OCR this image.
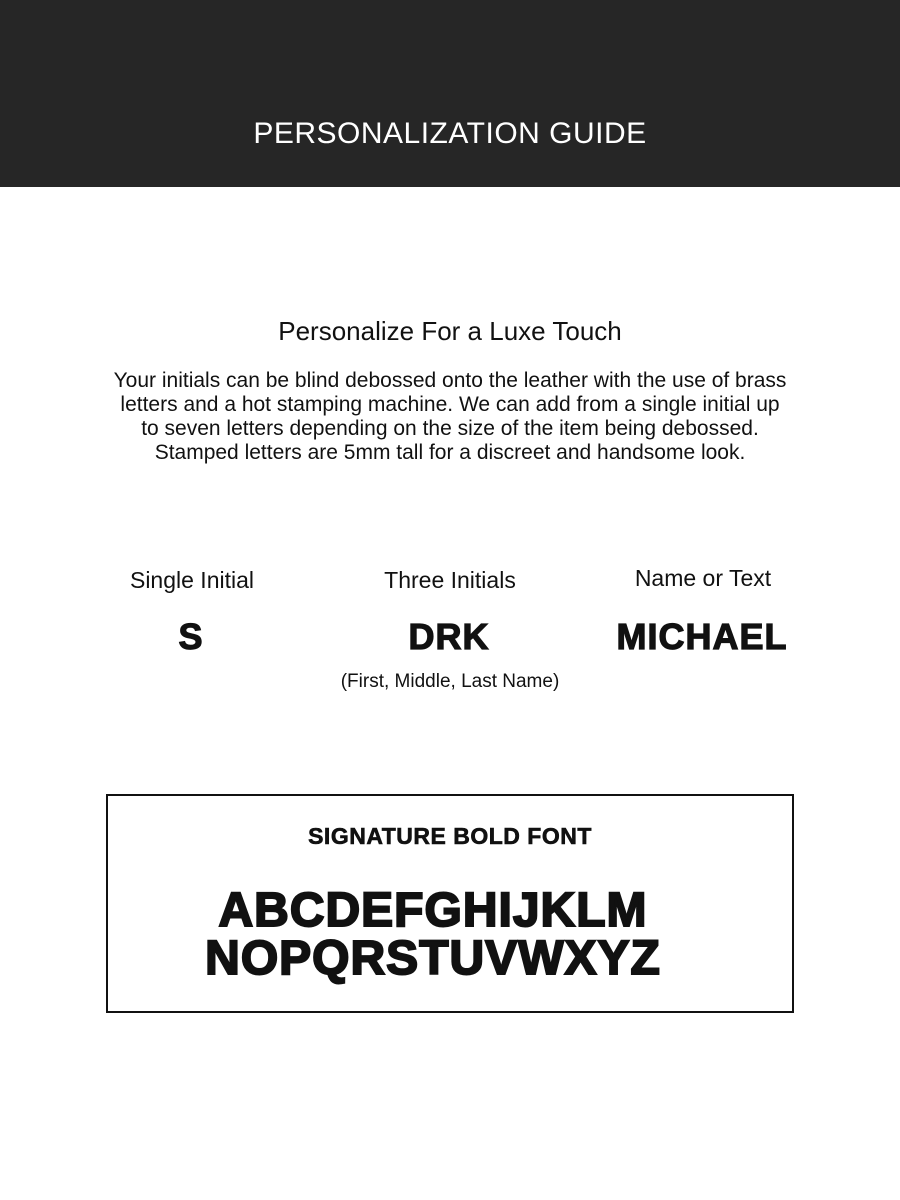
PERSONALIZATION GUIDE
Personalize For a Luxe Touch
Your initials can be blind debossed onto the leather with the use of brass
letters and a hot stamping machine. We can add from a single initial up
to seven letters depending on the size of the item being debossed.
Stamped letters are 5mm tall for a discreet and handsome look.
Single Initial	Three Initials	Name or Text
S	DRK	MICHAEL
(First, Middle, Last Name)
SIGNATURE BOLD FONT
ABCDEFGHIJKLM
NOPQRSTUVWXYZ
